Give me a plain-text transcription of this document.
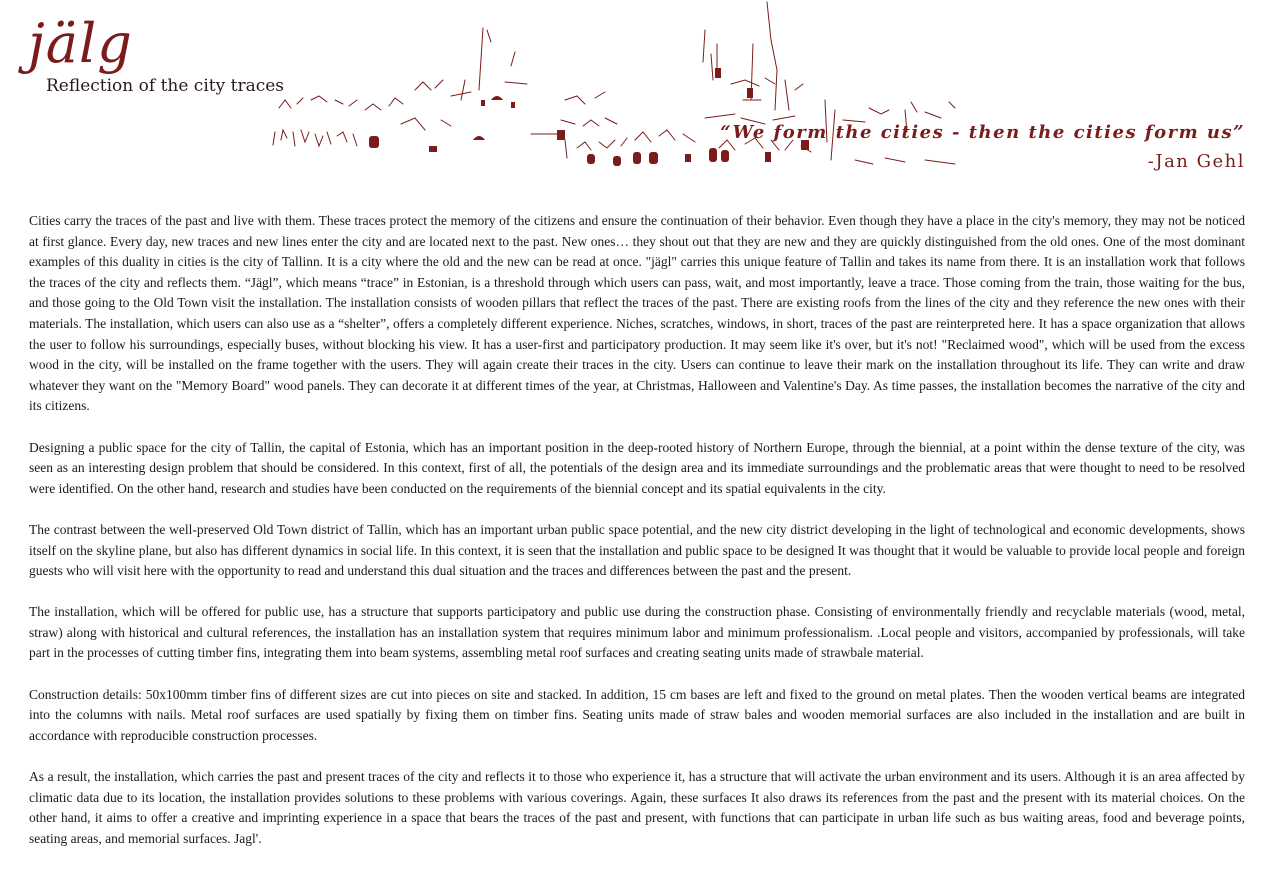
jälg
Reflection of the city traces
“We form the cities - then the cities form us”
-Jan Gehl

Cities carry the traces of the past and live with them. These traces protect the memory of the citizens and ensure the continuation of their behavior. Even though they have a place in the city's memory, they may not be noticed at first glance. Every day, new traces and new lines enter the city and are located next to the past. New ones… they shout out that they are new and they are quickly distinguished from the old ones. One of the most dominant examples of this duality in cities is the city of Tallinn. It is a city where the old and the new can be read at once. "jägl" carries this unique feature of Tallin and takes its name from there. It is an installation work that follows the traces of the city and reflects them. “Jägl”, which means “trace” in Estonian, is a threshold through which users can pass, wait, and most importantly, leave a trace. Those coming from the train, those waiting for the bus, and those going to the Old Town visit the installation. The installation consists of wooden pillars that reflect the traces of the past. There are existing roofs from the lines of the city and they reference the new ones with their materials. The installation, which users can also use as a “shelter”, offers a completely different experience. Niches, scratches, windows, in short, traces of the past are reinterpreted here. It has a space organization that allows the user to follow his surroundings, especially buses, without blocking his view. It has a user-first and participatory production. It may seem like it's over, but it's not! "Reclaimed wood", which will be used from the excess wood in the city, will be installed on the frame together with the users. They will again create their traces in the city. Users can continue to leave their mark on the installation throughout its life. They can write and draw whatever they want on the "Memory Board" wood panels. They can decorate it at different times of the year, at Christmas, Halloween and Valentine's Day. As time passes, the installation becomes the narrative of the city and its citizens.

Designing a public space for the city of Tallin, the capital of Estonia, which has an important position in the deep-rooted history of Northern Europe, through the biennial, at a point within the dense texture of the city, was seen as an interesting design problem that should be considered. In this context, first of all, the potentials of the design area and its immediate surroundings and the problematic areas that were thought to need to be resolved were identified. On the other hand, research and studies have been conducted on the requirements of the biennial concept and its spatial equivalents in the city.

The contrast between the well-preserved Old Town district of Tallin, which has an important urban public space potential, and the new city district developing in the light of technological and economic developments, shows itself on the skyline plane, but also has different dynamics in social life. In this context, it is seen that the installation and public space to be designed It was thought that it would be valuable to provide local people and foreign guests who will visit here with the opportunity to read and understand this dual situation and the traces and differences between the past and the present.

The installation, which will be offered for public use, has a structure that supports participatory and public use during the construction phase. Consisting of environmentally friendly and recyclable materials (wood, metal, straw) along with historical and cultural references, the installation has an installation system that requires minimum labor and minimum professionalism. .Local people and visitors, accompanied by professionals, will take part in the processes of cutting timber fins, integrating them into beam systems, assembling metal roof surfaces and creating seating units made of strawbale material.

Construction details: 50x100mm timber fins of different sizes are cut into pieces on site and stacked. In addition, 15 cm bases are left and fixed to the ground on metal plates. Then the wooden vertical beams are integrated into the columns with nails. Metal roof surfaces are used spatially by fixing them on timber fins. Seating units made of straw bales and wooden memorial surfaces are also included in the installation and are built in accordance with reproducible construction processes.

As a result, the installation, which carries the past and present traces of the city and reflects it to those who experience it, has a structure that will activate the urban environment and its users. Although it is an area affected by climatic data due to its location, the installation provides solutions to these problems with various coverings. Again, these surfaces It also draws its references from the past and the present with its material choices. On the other hand, it aims to offer a creative and imprinting experience in a space that bears the traces of the past and present, with functions that can participate in urban life such as bus waiting areas, food and beverage points, seating areas, and memorial surfaces. Jagl'.
